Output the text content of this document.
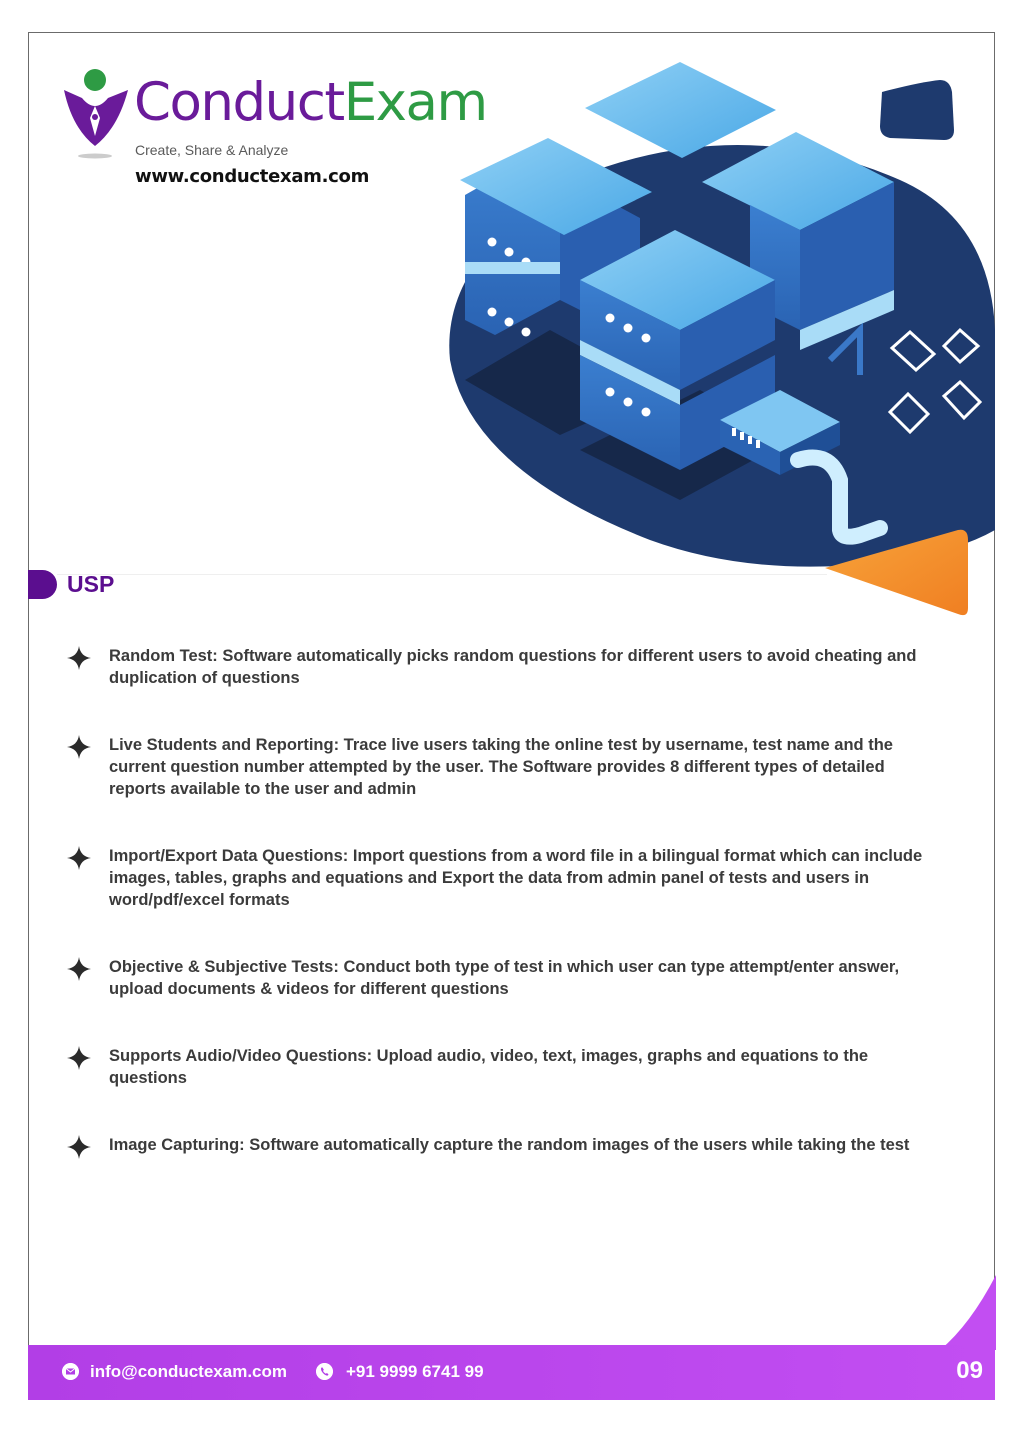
ConductExam
Create, Share & Analyze
www.conductexam.com
USP
Random Test: Software automatically picks random questions for different users to avoid cheating and duplication of questions
Live Students and Reporting: Trace live users taking the online test by username, test name and the current question number attempted by the user. The Software provides 8 different types of detailed reports available to the user and admin
Import/Export Data Questions: Import questions from a word file in a bilingual format which can include images, tables, graphs and equations and Export the data from admin panel of tests and users in word/pdf/excel formats
Objective & Subjective Tests: Conduct both type of test in which user can type attempt/enter answer, upload documents & videos for different questions
Supports Audio/Video Questions: Upload audio, video, text, images, graphs and equations to the questions
Image Capturing: Software automatically capture the random images of the users while taking the test
info@conductexam.com	+91 9999 6741 99	09
